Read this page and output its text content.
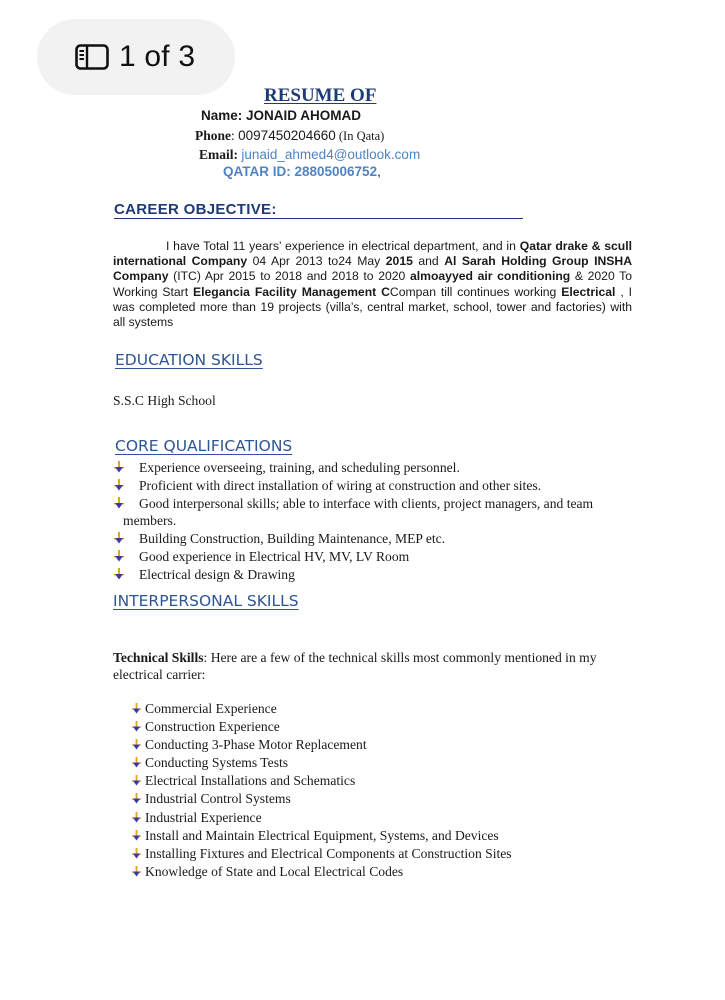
RESUME OF
Name: JONAID AHOMAD
Phone: 0097450204660 (In Qata)
Email: junaid_ahmed4@outlook.com
QATAR ID: 28805006752,
CAREER OBJECTIVE:
I have Total 11 years’ experience in electrical department, and in Qatar drake & scull international Company 04 Apr 2013 to24 May 2015 and Al Sarah Holding Group INSHA Company (ITC) Apr 2015 to 2018 and 2018 to 2020 almoayyed air conditioning & 2020 To Working Start Elegancia Facility Management CCompan till continues working Electrical , I was completed more than 19 projects (villa’s, central market, school, tower and factories) with all systems
EDUCATION SKILLS
S.S.C High School
CORE QUALIFICATIONS
Experience overseeing, training, and scheduling personnel.
Proficient with direct installation of wiring at construction and other sites.
Good interpersonal skills; able to interface with clients, project managers, and team
members.
Building Construction, Building Maintenance, MEP etc.
Good experience in Electrical HV, MV, LV Room
Electrical design & Drawing
INTERPERSONAL SKILLS
Technical Skills: Here are a few of the technical skills most commonly mentioned in my electrical carrier:
Commercial Experience
Construction Experience
Conducting 3-Phase Motor Replacement
Conducting Systems Tests
Electrical Installations and Schematics
Industrial Control Systems
Industrial Experience
Install and Maintain Electrical Equipment, Systems, and Devices
Installing Fixtures and Electrical Components at Construction Sites
Knowledge of State and Local Electrical Codes
1 of 3
